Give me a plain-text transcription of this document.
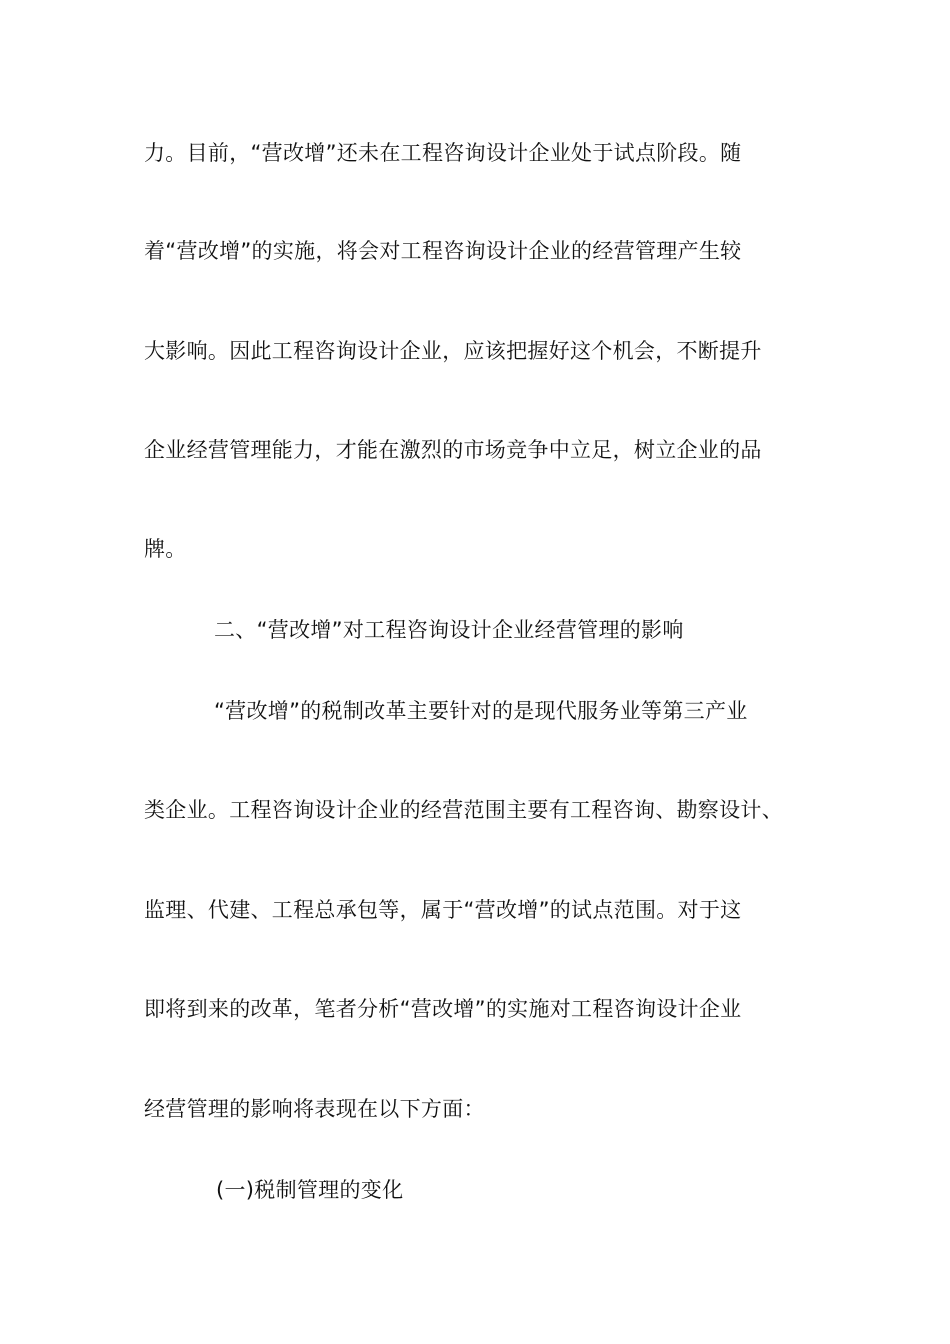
力。目前，“营改增”还未在工程咨询设计企业处于试点阶段。随
着“营改增”的实施，将会对工程咨询设计企业的经营管理产生较
大影响。因此工程咨询设计企业，应该把握好这个机会，不断提升
企业经营管理能力，才能在激烈的市场竞争中立足，树立企业的品
牌。
二、“营改增”对工程咨询设计企业经营管理的影响
“营改增”的税制改革主要针对的是现代服务业等第三产业
类企业。工程咨询设计企业的经营范围主要有工程咨询、勘察设计、
监理、代建、工程总承包等，属于“营改增”的试点范围。对于这
即将到来的改革，笔者分析“营改增”的实施对工程咨询设计企业
经营管理的影响将表现在以下方面：
(一)税制管理的变化
